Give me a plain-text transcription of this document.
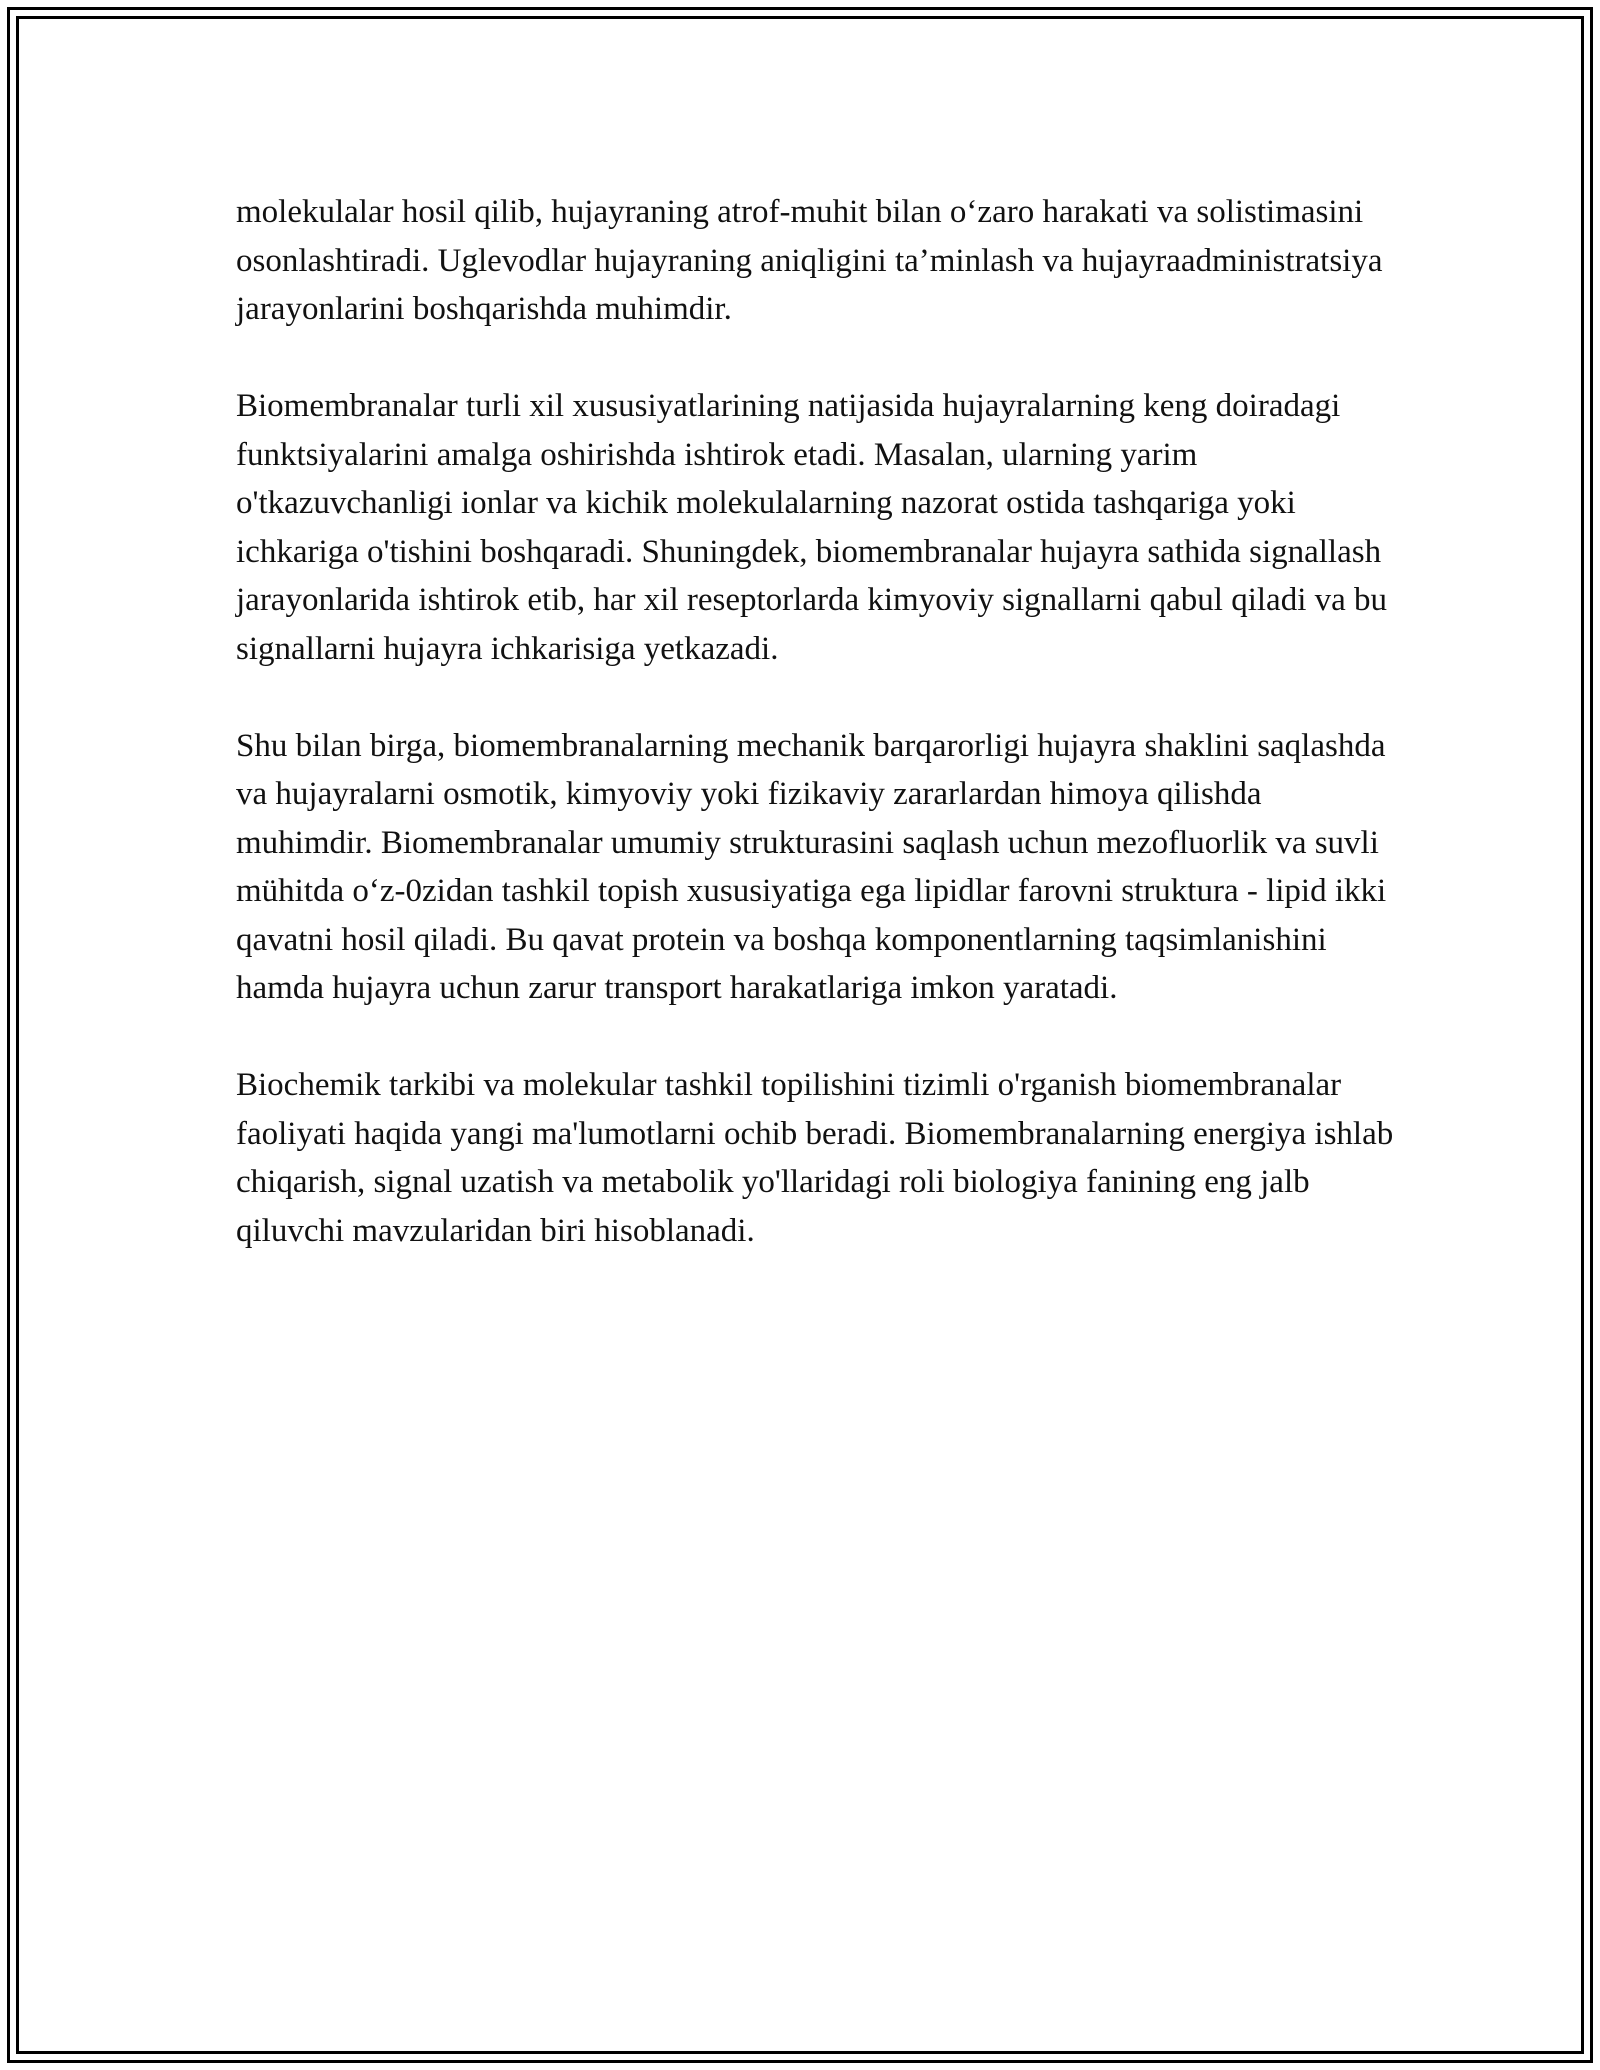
molekulalar hosil qilib, hujayraning atrof-muhit bilan o‘zaro harakati va solistimasini osonlashtiradi. Uglevodlar hujayraning aniqligini ta’minlash va hujayraadministratsiya jarayonlarini boshqarishda muhimdir.

Biomembranalar turli xil xususiyatlarining natijasida hujayralarning keng doiradagi funktsiyalarini amalga oshirishda ishtirok etadi. Masalan, ularning yarim o'tkazuvchanligi ionlar va kichik molekulalarning nazorat ostida tashqariga yoki ichkariga o'tishini boshqaradi. Shuningdek, biomembranalar hujayra sathida signallash jarayonlarida ishtirok etib, har xil reseptorlarda kimyoviy signallarni qabul qiladi va bu signallarni hujayra ichkarisiga yetkazadi.

Shu bilan birga, biomembranalarning mechanik barqarorligi hujayra shaklini saqlashda va hujayralarni osmotik, kimyoviy yoki fizikaviy zararlardan himoya qilishda muhimdir. Biomembranalar umumiy strukturasini saqlash uchun mezofluorlik va suvli mühitda o‘z-0zidan tashkil topish xususiyatiga ega lipidlar farovni struktura - lipid ikki qavatni hosil qiladi. Bu qavat protein va boshqa komponentlarning taqsimlanishini hamda hujayra uchun zarur transport harakatlariga imkon yaratadi.

Biochemik tarkibi va molekular tashkil topilishini tizimli o'rganish biomembranalar faoliyati haqida yangi ma'lumotlarni ochib beradi. Biomembranalarning energiya ishlab chiqarish, signal uzatish va metabolik yo'llaridagi roli biologiya fanining eng jalb qiluvchi mavzularidan biri hisoblanadi.
